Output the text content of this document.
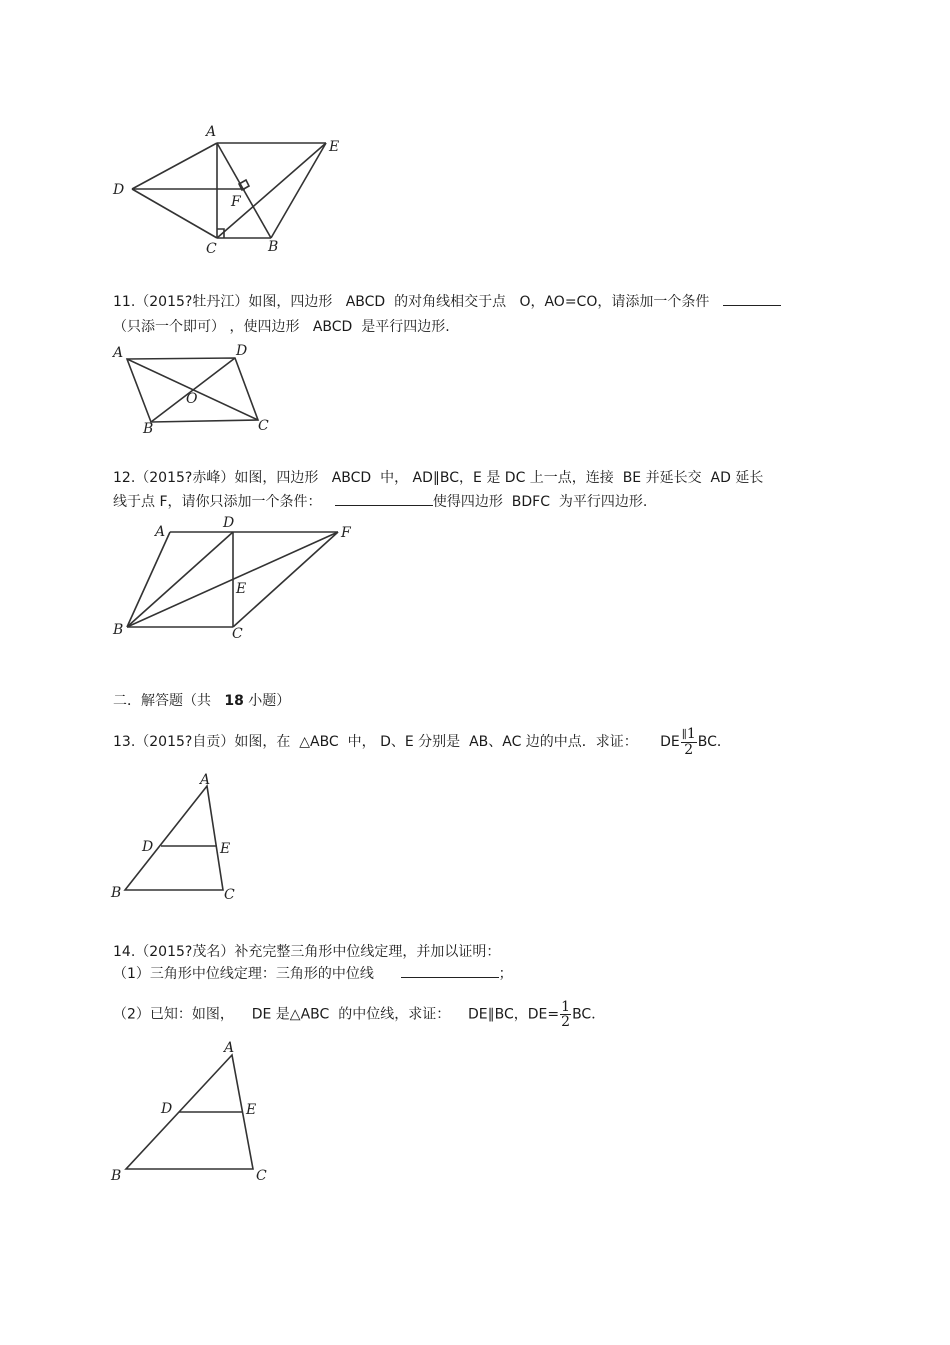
A
E
D
F
C	B
11.（2015?牡丹江）如图，四边形 ABCD 的对角线相交于点 O，AO=CO，请添加一个条件
（只添一个即可） ，使四边形 ABCD 是平行四边形.
A	D
O
B	C
12.（2015?赤峰）如图，四边形 ABCD 中， AD∥BC，E 是 DC 上一点，连接 BE 并延长交 AD 延长
线于点 F，请你只添加一个条件：	使得四边形 BDFC 为平行四边形.
A
D
F
E
B	C
二．解答题（共 18 小题）
13.（2015?自贡）如图，在 △ABC 中， D、E 分别是 AB、AC 边的中点．求证： DE $\frac{\parallel 1}{2}$ BC．
A
D	E
B	C
14.（2015?茂名）补充完整三角形中位线定理，并加以证明：
（1）三角形中位线定理：三角形的中位线	；
（2）已知：如图， DE 是△ABC 的中位线，求证： DE∥BC，$DE= \frac{1}{2}$ BC．
A
D	E
B	C
